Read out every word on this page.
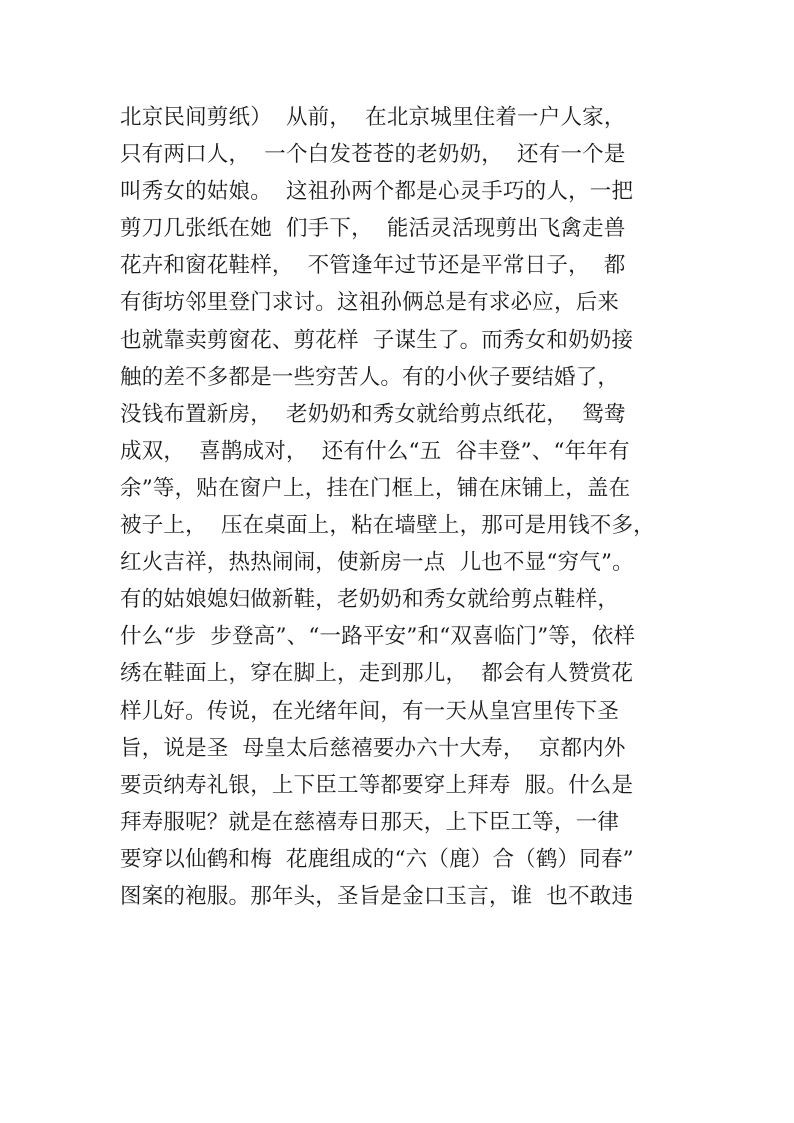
北京民间剪纸）  从前，  在北京城里住着一户人家，
只有两口人，  一个白发苍苍的老奶奶，  还有一个是
叫秀女的姑娘。  这祖孙两个都是心灵手巧的人，一把
剪刀几张纸在她  们手下，  能活灵活现剪出飞禽走兽
花卉和窗花鞋样，  不管逢年过节还是平常日子，  都
有街坊邻里登门求讨。这祖孙俩总是有求必应，后来
也就靠卖剪窗花、剪花样  子谋生了。而秀女和奶奶接
触的差不多都是一些穷苦人。有的小伙子要结婚了，
没钱布置新房，  老奶奶和秀女就给剪点纸花，  鸳鸯
成双，  喜鹊成对，  还有什么“五  谷丰登”、“年年有
余”等，贴在窗户上，挂在门框上，铺在床铺上，盖在
被子上，  压在桌面上，粘在墙壁上，那可是用钱不多，
红火吉祥，热热闹闹，使新房一点  儿也不显“穷气”。
有的姑娘媳妇做新鞋，老奶奶和秀女就给剪点鞋样，
什么“步  步登高”、“一路平安”和“双喜临门”等，依样
绣在鞋面上，穿在脚上，走到那儿，  都会有人赞赏花
样儿好。传说，在光绪年间，有一天从皇宫里传下圣
旨，说是圣  母皇太后慈禧要办六十大寿，  京都内外
要贡纳寿礼银，上下臣工等都要穿上拜寿  服。什么是
拜寿服呢？就是在慈禧寿日那天，上下臣工等，一律
要穿以仙鹤和梅  花鹿组成的“六（鹿）合（鹤）同春”
图案的袍服。那年头，圣旨是金口玉言，谁  也不敢违
